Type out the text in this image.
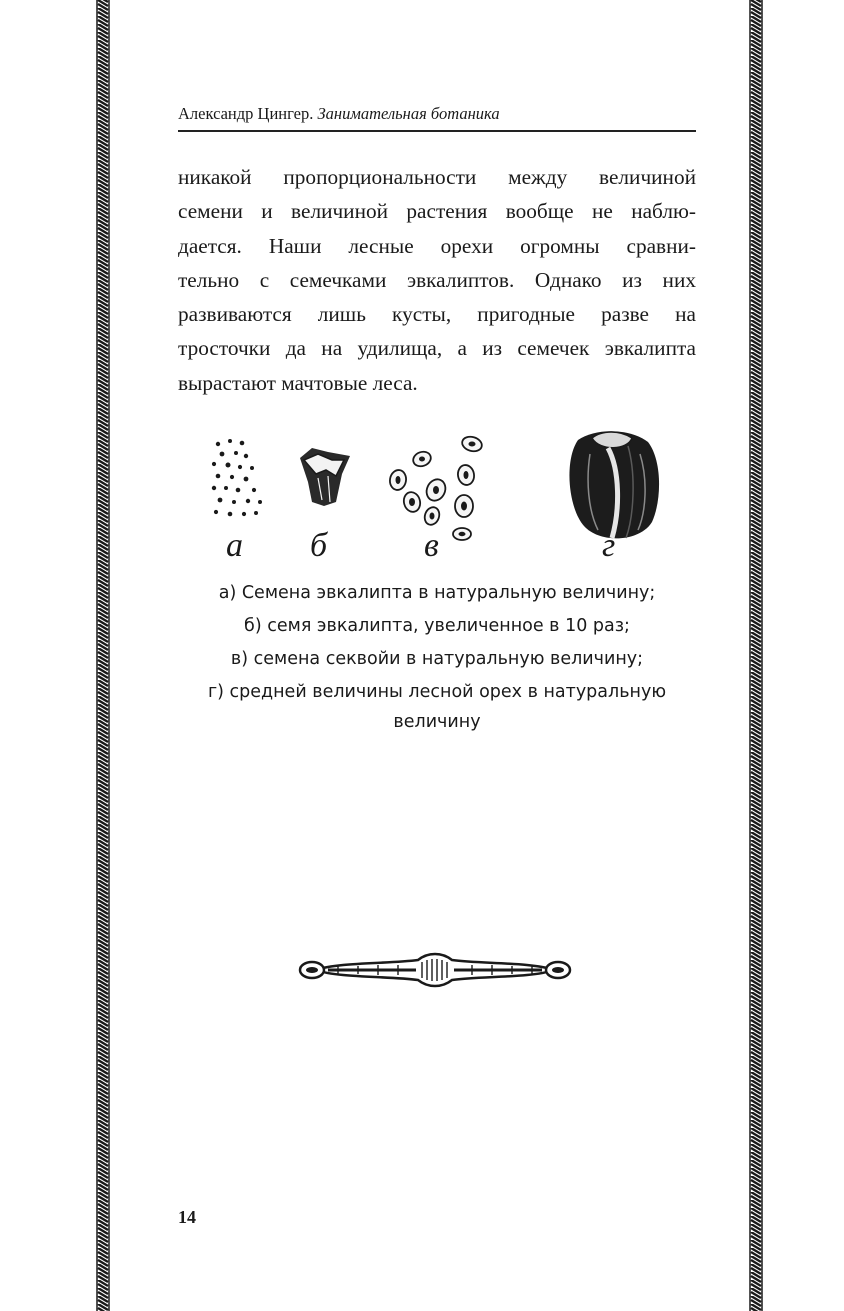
Александр Цингер. Занимательная ботаника

никакой пропорциональности между величиной
семени и величиной растения вообще не наблю-
дается. Наши лесные орехи огромны сравни-
тельно с семечками эвкалиптов. Однако из них
развиваются лишь кусты, пригодные разве на
тросточки да на удилища, а из семечек эвкалипта
вырастают мачтовые леса.

а б	в	г

а) Семена эвкалипта в натуральную величину;
б) семя эвкалипта, увеличенное в 10 раз;
в) семена секвойи в натуральную величину;
г) средней величины лесной орех в натуральную
величину

14
